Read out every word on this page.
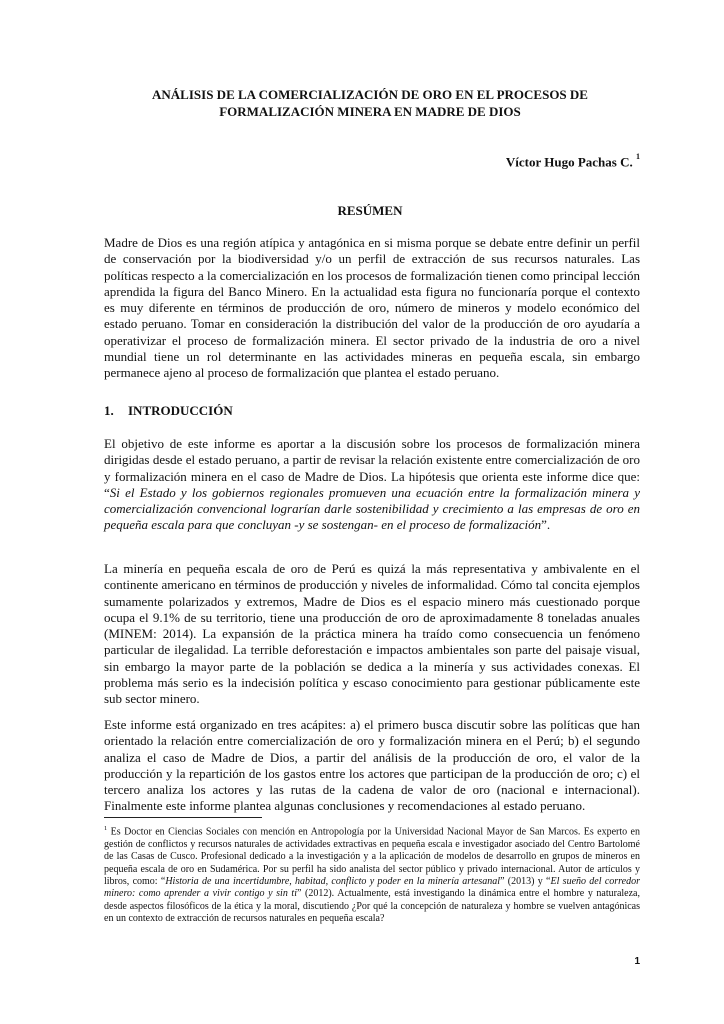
ANÁLISIS DE LA COMERCIALIZACIÓN DE ORO EN EL PROCESOS DE
FORMALIZACIÓN MINERA EN MADRE DE DIOS
Víctor Hugo Pachas C. $^1$
RESÚMEN

Madre de Dios es una región atípica y antagónica en si misma porque se debate entre definir un perfil de conservación por la biodiversidad y/o un perfil de extracción de sus recursos naturales. Las políticas respecto a la comercialización en los procesos de formalización tienen como principal lección aprendida la figura del Banco Minero. En la actualidad esta figura no funcionaría porque el contexto es muy diferente en términos de producción de oro, número de mineros y modelo económico del estado peruano. Tomar en consideración la distribución del valor de la producción de oro ayudaría a operativizar el proceso de formalización minera. El sector privado de la industria de oro a nivel mundial tiene un rol determinante en las actividades mineras en pequeña escala, sin embargo permanece ajeno al proceso de formalización que plantea el estado peruano.

1. INTRODUCCIÓN

El objetivo de este informe es aportar a la discusión sobre los procesos de formalización minera dirigidas desde el estado peruano, a partir de revisar la relación existente entre comercialización de oro y formalización minera en el caso de Madre de Dios. La hipótesis que orienta este informe dice que: “Si el Estado y los gobiernos regionales promueven una ecuación entre la formalización minera y comercialización convencional lograrían darle sostenibilidad y crecimiento a las empresas de oro en pequeña escala para que concluyan -y se sostengan- en el proceso de formalización”.

La minería en pequeña escala de oro de Perú es quizá la más representativa y ambivalente en el continente americano en términos de producción y niveles de informalidad. Cómo tal concita ejemplos sumamente polarizados y extremos, Madre de Dios es el espacio minero más cuestionado porque ocupa el 9.1% de su territorio, tiene una producción de oro de aproximadamente 8 toneladas anuales (MINEM: 2014). La expansión de la práctica minera ha traído como consecuencia un fenómeno particular de ilegalidad. La terrible deforestación e impactos ambientales son parte del paisaje visual, sin embargo la mayor parte de la población se dedica a la minería y sus actividades conexas. El problema más serio es la indecisión política y escaso conocimiento para gestionar públicamente este sub sector minero.

Este informe está organizado en tres acápites: a) el primero busca discutir sobre las políticas que han orientado la relación entre comercialización de oro y formalización minera en el Perú; b) el segundo analiza el caso de Madre de Dios, a partir del análisis de la producción de oro, el valor de la producción y la repartición de los gastos entre los actores que participan de la producción de oro; c) el tercero analiza los actores y las rutas de la cadena de valor de oro (nacional e internacional). Finalmente este informe plantea algunas conclusiones y recomendaciones al estado peruano.

$^1$ Es Doctor en Ciencias Sociales con mención en Antropología por la Universidad Nacional Mayor de San Marcos. Es experto en gestión de conflictos y recursos naturales de actividades extractivas en pequeña escala e investigador asociado del Centro Bartolomé de las Casas de Cusco. Profesional dedicado a la investigación y a la aplicación de modelos de desarrollo en grupos de mineros en pequeña escala de oro en Sudamérica. Por su perfil ha sido analista del sector público y privado internacional. Autor de artículos y libros, como: “Historia de una incertidumbre, habitad, conflicto y poder en la minería artesanal” (2013) y “El sueño del corredor minero: como aprender a vivir contigo y sin ti” (2012). Actualmente, está investigando la dinámica entre el hombre y naturaleza, desde aspectos filosóficos de la ética y la moral, discutiendo ¿Por qué la concepción de naturaleza y hombre se vuelven antagónicas en un contexto de extracción de recursos naturales en pequeña escala?

1
